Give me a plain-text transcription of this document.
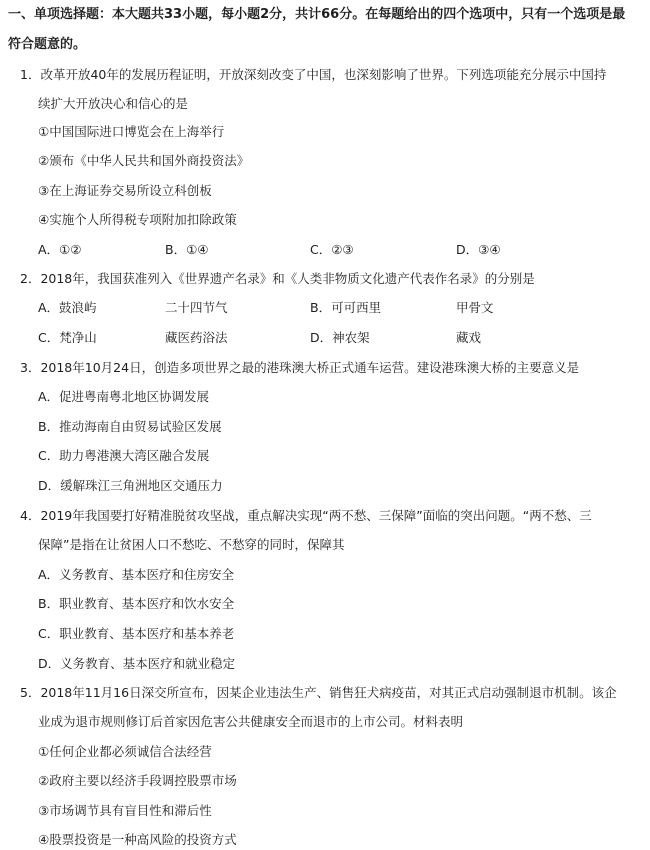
一、单项选择题：本大题共33小题，每小题2分，共计66分。在每题给出的四个选项中，只有一个选项是最
符合题意的。
1．改革开放40年的发展历程证明，开放深刻改变了中国，也深刻影响了世界。下列选项能充分展示中国持
续扩大开放决心和信心的是
①中国国际进口博览会在上海举行
②颁布《中华人民共和国外商投资法》
③在上海证券交易所设立科创板
④实施个人所得税专项附加扣除政策
A．①②	B．①④	C．②③	D．③④
2．2018年，我国获准列入《世界遗产名录》和《人类非物质文化遗产代表作名录》的分别是
A．鼓浪屿	二十四节气	B．可可西里	甲骨文
C．梵净山	藏医药浴法	D．神农架	藏戏
3．2018年10月24日，创造多项世界之最的港珠澳大桥正式通车运营。建设港珠澳大桥的主要意义是
A．促进粤南粤北地区协调发展
B．推动海南自由贸易试验区发展
C．助力粤港澳大湾区融合发展
D．缓解珠江三角洲地区交通压力
4．2019年我国要打好精准脱贫攻坚战，重点解决实现“两不愁、三保障”面临的突出问题。“两不愁、三
保障”是指在让贫困人口不愁吃、不愁穿的同时，保障其
A．义务教育、基本医疗和住房安全
B．职业教育、基本医疗和饮水安全
C．职业教育、基本医疗和基本养老
D．义务教育、基本医疗和就业稳定
5．2018年11月16日深交所宣布，因某企业违法生产、销售狂犬病疫苗，对其正式启动强制退市机制。该企
业成为退市规则修订后首家因危害公共健康安全而退市的上市公司。材料表明
①任何企业都必须诚信合法经营
②政府主要以经济手段调控股票市场
③市场调节具有盲目性和滞后性
④股票投资是一种高风险的投资方式
